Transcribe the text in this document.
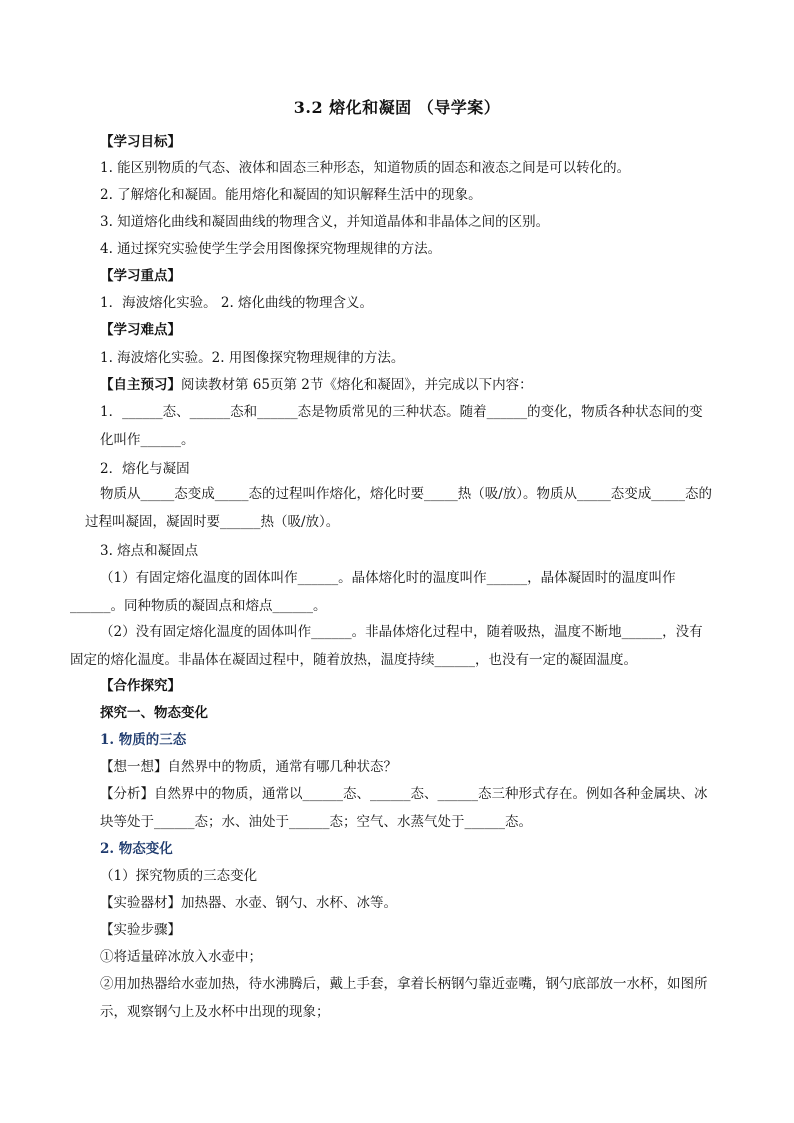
3.2 熔化和凝固 （导学案）
【学习目标】
1. 能区别物质的气态、液体和固态三种形态，知道物质的固态和液态之间是可以转化的。
2. 了解熔化和凝固。能用熔化和凝固的知识解释生活中的现象。
3. 知道熔化曲线和凝固曲线的物理含义，并知道晶体和非晶体之间的区别。
4. 通过探究实验使学生学会用图像探究物理规律的方法。
【学习重点】
1．海波熔化实验。 2. 熔化曲线的物理含义。
【学习难点】
1. 海波熔化实验。2. 用图像探究物理规律的方法。
【自主预习】阅读教材第 65页第 2节《熔化和凝固》，并完成以下内容：
1．______态、______态和______态是物质常见的三种状态。随着______的变化，物质各种状态间的变化叫作______。
2．熔化与凝固
物质从_____态变成_____态的过程叫作熔化，熔化时要_____热（吸/放）。物质从_____态变成_____态的过程叫凝固，凝固时要______热（吸/放）。
3. 熔点和凝固点
（1）有固定熔化温度的固体叫作______。晶体熔化时的温度叫作______，晶体凝固时的温度叫作______。同种物质的凝固点和熔点______。
（2）没有固定熔化温度的固体叫作______。非晶体熔化过程中，随着吸热，温度不断地______，没有固定的熔化温度。非晶体在凝固过程中，随着放热，温度持续______，也没有一定的凝固温度。
【合作探究】
探究一、物态变化
1. 物质的三态
【想一想】自然界中的物质，通常有哪几种状态？
【分析】自然界中的物质，通常以______态、______态、______态三种形式存在。例如各种金属块、冰块等处于______态；水、油处于______态；空气、水蒸气处于______态。
2. 物态变化
（1）探究物质的三态变化
【实验器材】加热器、水壶、钢勺、水杯、冰等。
【实验步骤】
①将适量碎冰放入水壶中；
②用加热器给水壶加热，待水沸腾后，戴上手套，拿着长柄钢勺靠近壶嘴，钢勺底部放一水杯，如图所示，观察钢勺上及水杯中出现的现象；
